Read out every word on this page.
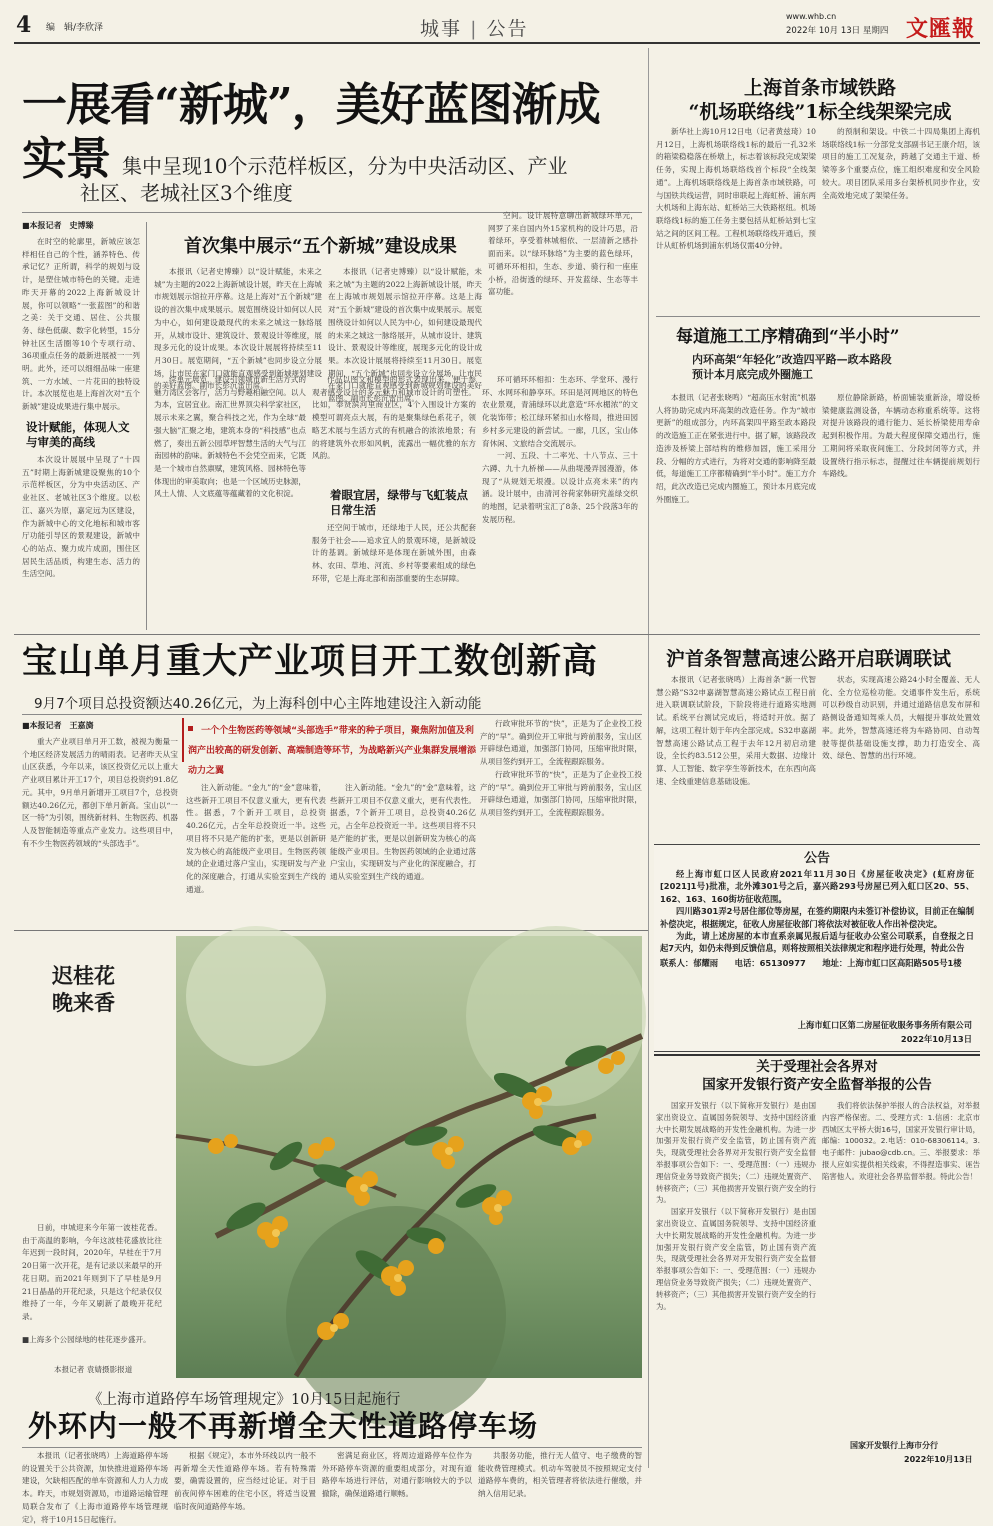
4 编　辑/李欣泽	城事 | 公告
www.whb.cn
2022年 10月 13日 星期四 文匯報
一展看“新城”，美好蓝图渐成实景 集中呈现10个示范样板区，分为中央活动区、产业
社区、老城社区3个维度
■本报记者　史博臻

在时空的轮廓里，新城应该怎样相任自己的个性，涵养特色、传承记忆？正所谓，科学的规划与设计，是塑住城市特色的关键。走进昨天开幕的2022上海新城设计展，你可以领略“一张蓝图”的和谐之美：关于交通、居住、公共服务、绿色低碳、数字化转型，15分钟社区生活圈等10个专项行动、36项重点任务的最新进展被一一列明。此外，还可以细细品味一座建筑、一方水域、一片花田的独特设计。本次展览也是上海首次对“五个新城”建设成果进行集中展示。

设计赋能，体现人文与审美的高线

本次设计展展中呈现了“十四五”时期上海新城建设聚焦的10个示范样板区，分为中央活动区、产业社区、老城社区3个维度。以松江、嘉兴为原，嘉定远为区建设，作为新城中心的文化地标和城市客厅功能引导区的景观建设，新城中心的站点、聚力成片成面，围住区居民生活品质，构建生态、活力的生活空间。

首次集中展示“五个新城”建设成果

本报讯（记者史博臻）以“设计赋能，未来之城”为主题的2022上海新城设计展，昨天在上海城市规划展示馆拉开序幕。这是上海对“五个新城”建设的首次集中成果展示。展览围绕设计如何以人民为中心，如何建设最现代的未来之城这一脉络展开，从城市设计、建筑设计、景观设计等维度，展现多元化的设计成果。本次设计展展将持续至11月30日。展览期间，“五个新城”也同步设立分展场，让市民在家门口就能直观感受到新城规划建设的美好蓝图。副市长彭沉雷出席。

本报讯（记者史博臻）以“设计赋能，未来之城”为主题的2022上海新城设计展，昨天在上海城市规划展示馆拉开序幕。这是上海对“五个新城”建设的首次集中成果展示。展览围绕设计如何以人民为中心，如何建设最现代的未来之城这一脉络展开，从城市设计、建筑设计、景观设计等维度，展现多元化的设计成果。本次设计展展将持续至11月30日。展览期间，“五个新城”也同步设立分展场，让市民在家门口就能直观感受到新城规划建设的美好蓝图。副市长彭沉雷出席。

空间。设计展特意聊出新城绿环单元，网罗了来自国内外15家机构的设计巧思，沿着绿环，享受着林城相依、一层清新之感扑面而来。以“绿环脉络”为主要的蓝色绿环，可循环环相扣，生态、步道、骑行和一座座小桥，沿街透的绿环、开发蓝绿、生态等丰富功能。

续单元展览，建设引领城市新生活方式的魅力湾区会客厅，活力与野趣相融空间。以人为本，宜居宜业。南汇世界顶尖科学家社区，展示未来之翼，聚合科技之光，作为全球“最强大脑”汇聚之地，建筑本身的“科技感”也点燃了，奏出五新公园草坪智慧生活的大气与江南园林的韵味。新城特色不会凭空而来，它既是一个城市自然禀赋，建筑风格、园林特色等体现出的审美取向；也是一个区域历史脉源，风土人情、人文底蕴等蕴藏着的文化积淀。

作品以图文和模型的形式表现出来，便于参观者感受设计的多元魅力和城市设计的可塑性。比如，奉贤滨河里商业区，4个入围设计方案的模型可谓亮点大展，有的是聚集绿色系花子，领略艺术展与生活方式的有机融合的浓浓地景；有的将建筑外衣形如风帆，流露出一幅优雅的东方风韵。

着眼宜居，绿带与飞虹装点日常生活

还空间于城市，还绿地于人民，还公共配套服务于社会——追求宜人的景观环境，是新城设计的基调。新城绿环是体现在新城外围，由森林、农田、草地、河流、乡村等要素组成的绿色环带，它是上海北部和南部重要的生态屏障。

环可循环环相扣：生态环、学堂环、漫行环、水网环和静享环。环田是河网地区的特色农业景观，青浦绿环以此意造“环水楣浓”的文化装饰带；松江绿环紧扣山水格局，推进田园乡村多元建设的新尝试。一廊，几区，宝山体育休闲、文旅结合交流展示。

一河、五段、十二率光、十八节点、三十六蹲、九十九桥梯——从曲堤漫弄园漫游，体现了“从规划无垠漫。以设计点亮未来”的内涵。设计展中，由清河谷荷家韩研究盖绿交织的地图，记录着明宝汇了8条、25个段落3年的发展历程。

上海首条市域铁路
“机场联络线”1标全线架梁完成

新华社上海10月12日电（记者黄兹琦）10月12日，上海机场联络线1标的最后一孔32米的箱梁稳稳落在桥墩上，标志着该标段完成架梁任务，实现上海机场联络线首个标段“全线架通”。上海机场联络线是上海首条市域铁路，可与国铁共线运营，同时串联起上海虹桥、浦东两大机场和上海东站、虹桥站三大铁路枢纽。机场联络线1标的施工任务主要包括从虹桥站到七宝站之间的区间工程。工程机场联络线开通后，预计从虹桥机场到浦东机场仅需40分钟。

的预制和架设。中铁二十四局集团上海机场联络线1标一分部党支部副书记王康介绍，该项目的施工工况复杂，跨越了交通主干道、桥梁等多个重要点位，施工组织难度和安全风险较大。项目团队采用多台架桥机同步作业，安全高效地完成了架梁任务。

每道施工工序精确到“半小时”
内环高架“年轻化”改造四平路—政本路段
预计本月底完成外圈施工

本报讯（记者张晓鸣）“超高压水射流”机器人将协助完成内环高架的改造任务。作为“城市更新”的组成部分，内环高架四平路至政本路段的改造施工正在紧张进行中。据了解，该路段改造涉及桥梁上部结构的维修加固，施工采用分段、分幅的方式进行，为将对交通的影响降至最低，每道施工工序都精确到“半小时”。施工方介绍，此次改造已完成内圈施工，预计本月底完成外圈施工。

原位静除新路，桥面铺装重新涂，增设桥梁健康监测设备，车辆动态称重系统等。这将对提升该路段的通行能力、延长桥梁使用寿命起到积极作用。为最大程度保障交通出行，施工期间将采取夜间施工、分段封闭等方式，并设置绕行指示标志，提醒过往车辆提前规划行车路线。

宝山单月重大产业项目开工数创新高
9月7个项目总投资额达40.26亿元，为上海科创中心主阵地建设注入新动能
■本报记者　王嘉旖

重大产业项目单月开工数，被视为衡量一个地区经济发展活力的晴雨表。记者昨天从宝山区获悉，今年以来，该区投资亿元以上重大产业项目累计开工17个，项目总投资约91.8亿元。其中，9月单月新增开工项目7个，总投资额达40.26亿元，都创下单月新高。宝山以“一区一特”为引领，围绕新材料、生物医药、机器人及智能制造等重点产业发力。这些项目中，有不少生物医药领域的“头部选手”。

一个个生物医药等领域“头部选手”带来的种子项目，聚焦附加值及利润产出较高的研发创新、高端制造等环节，为战略新兴产业集群发展增添动力之翼

注入新动能。“金九”的“金”意味着，这些新开工项目不仅意义重大，更有代表性。据悉，7个新开工项目，总投资40.26亿元，占全年总投资近一半。这些项目将不只是产能的扩张，更是以创新研发为核心的高能级产业项目。生物医药领域的企业通过落户宝山，实现研发与产业化的深度融合，打通从实验室到生产线的通道。

注入新动能。“金九”的“金”意味着，这些新开工项目不仅意义重大，更有代表性。据悉，7个新开工项目，总投资40.26亿元，占全年总投资近一半。这些项目将不只是产能的扩张，更是以创新研发为核心的高能级产业项目。生物医药领域的企业通过落户宝山，实现研发与产业化的深度融合，打通从实验室到生产线的通道。

行政审批环节的“快”，正是为了企业投工投产的“早”。确到位开工审批与跨前服务，宝山区开辟绿色通道，加强部门协同，压缩审批时限，从项目签约到开工，全流程跟踪服务。

行政审批环节的“快”，正是为了企业投工投产的“早”。确到位开工审批与跨前服务，宝山区开辟绿色通道，加强部门协同，压缩审批时限，从项目签约到开工，全流程跟踪服务。

沪首条智慧高速公路开启联调联试

本报讯（记者张晓鸣）上海首条“新一代智慧公路”S32申嘉湖智慧高速公路试点工程日前进入联调联试阶段，下阶段将进行道路实地测试。系统平台测试完成后，将适时开放。据了解，这项工程计划于年内全部完成。S32申嘉湖智慧高速公路试点工程于去年12月初启动建设，全长约83.512公里，采用大数据、边缘计算、人工智能、数字孪生等新技术，在东西向高速、全线重建信息基础设施。

状态，实现高速公路24小时全覆盖、无人化、全方位巡检功能。交通事件发生后，系统可以秒级自动识别，并通过道路信息发布屏和路侧设备通知驾乘人员，大幅提升事故处置效率。此外，智慧高速还将为车路协同、自动驾驶等提供基础设施支撑，助力打造安全、高效、绿色、智慧的出行环境。

公告

经上海市虹口区人民政府2021年11月30日《房屋征收决定》(虹府房征[2021]1号)批准，北外滩301号之后，嘉兴路293号房屋已列入虹口区20、55、162、163、160街坊征收范围。

四川路301弄2号居住部位等房屋，在签约期限内未签订补偿协议，目前正在编制补偿决定，根据规定，征收人房屋征收部门将依法对被征收人作出补偿决定。

为此，请上述房屋的本市直系亲属见报后适与征收办公室公司联系，自登报之日起7天内，如仍未得到反馈信息，则将按照相关法律规定和程序进行处理，特此公告

联系人：郁耀雨　　电话：65130977　　地址：上海市虹口区高阳路505号1楼

上海市虹口区第二房屋征收服务事务所有限公司
2022年10月13日
迟桂花
晚来香

日前，申城迎来今年第一波桂花香。由于高温的影响，今年这波桂花盛放比往年迟到一段时间，2020年，早桂在于7月20日第一次开花，是有记录以来最早的开花日期。而2021年则到下了早桂是9月21日晶晶的开花纪录，只是这个纪录仅仅维持了一年，今年又刷新了最晚开花纪录。

■上海多个公园绿地的桂花逐步盛开。
本报记者 袁婧摄影报道
关于受理社会各界对
国家开发银行资产安全监督举报的公告

国家开发银行（以下简称开发银行）是由国家出资设立、直属国务院领导、支持中国经济重大中长期发展战略的开发性金融机构。为进一步加强开发银行资产安全监管，防止国有资产流失，现就受理社会各界对开发银行资产安全监督举报事项公告如下：一、受理范围：（一）违规办理信贷业务导致资产损失；（二）违规处置资产、转移资产；（三）其他损害开发银行资产安全的行为。

国家开发银行（以下简称开发银行）是由国家出资设立、直属国务院领导、支持中国经济重大中长期发展战略的开发性金融机构。为进一步加强开发银行资产安全监管，防止国有资产流失，现就受理社会各界对开发银行资产安全监督举报事项公告如下：一、受理范围：（一）违规办理信贷业务导致资产损失；（二）违规处置资产、转移资产；（三）其他损害开发银行资产安全的行为。

我们将依法保护举报人的合法权益，对举报内容严格保密。二、受理方式：1.信函：北京市西城区太平桥大街16号，国家开发银行审计局，邮编：100032。2.电话：010-68306114。3.电子邮件：jubao@cdb.cn。三、举报要求：举报人应如实提供相关线索，不得捏造事实、诬告陷害他人。欢迎社会各界监督举报。特此公告！

国家开发银行上海市分行
2022年10月13日
《上海市道路停车场管理规定》10月15日起施行
外环内一般不再新增全天性道路停车场

本报讯（记者张晓鸣）上海道路停车场的设置关于公共资源，加快推进道路停车场建设，欠缺相匹配的单车资源和人力人力成本。昨天，市规划资源局，市道路运输管理局联合发布了《上海市道路停车场管理规定》，将于10月15日起施行。

根据《规定》，本市外环线以内一般不再新增全天性道路停车场。若有特殊需要，确需设置的，应当经过论证。对于目前夜间停车困难的住宅小区，将适当设置临时夜间道路停车场。

密满足商业区，将周边道路停车位作为外环路停车资源的重要组成部分，对现有道路停车场进行评估，对通行影响较大的予以撤除，确保道路通行顺畅。

共服务功能，推行无人值守、电子缴费的智能收费管理模式。机动车驾驶员不按照规定支付道路停车费的，相关管理者将依法进行催缴，并纳入信用记录。
